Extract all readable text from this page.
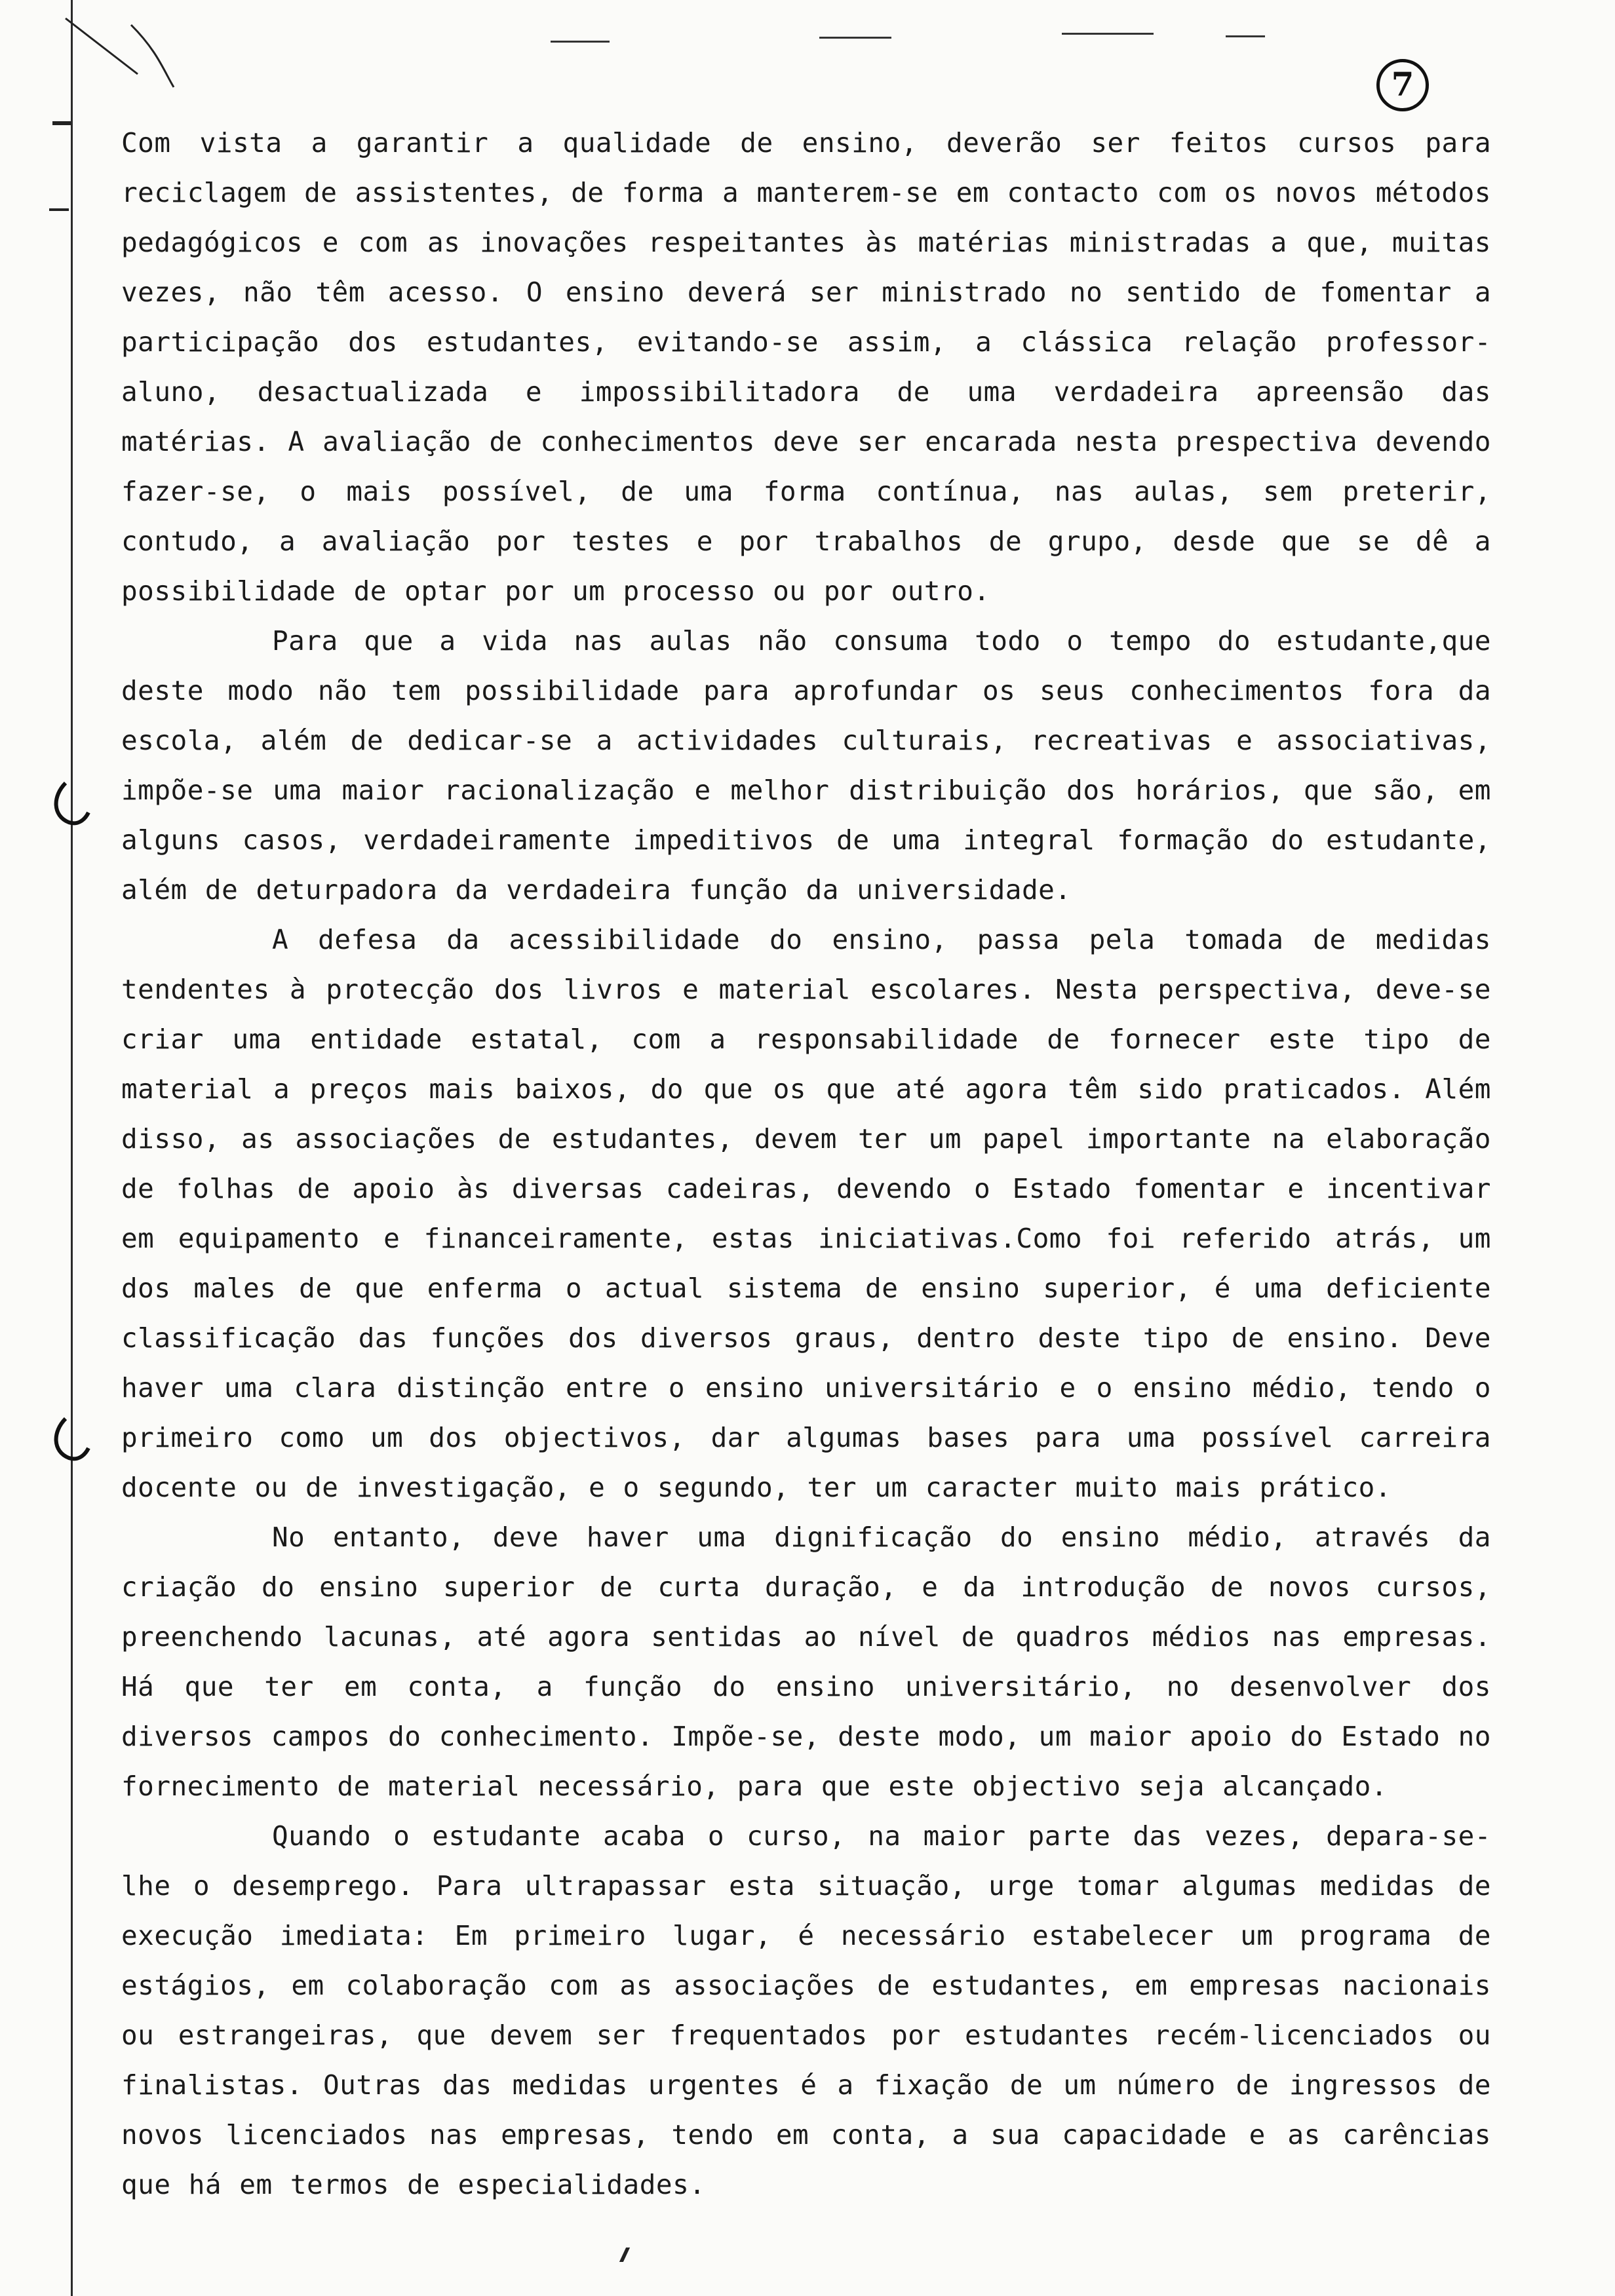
7

Com vista a garantir a qualidade de ensino, deverão ser feitos cursos para reciclagem de assistentes, de forma a manterem-se em contacto com os novos métodos pedagógicos e com as inovações respeitantes às matérias ministradas a que, muitas vezes, não têm acesso. O ensino deverá ser ministrado no sentido de fomentar a participação dos estudantes, evitando-se assim, a clássica relação professor-aluno, desactualizada e impossibilitadora de uma verdadeira apreensão das matérias. A avaliação de conhecimentos deve ser encarada nesta prespectiva devendo fazer-se, o mais possível, de uma forma contínua, nas aulas, sem preterir, contudo, a avaliação por testes e por trabalhos de grupo, desde que se dê a possibilidade de optar por um processo ou por outro.

Para que a vida nas aulas não consuma todo o tempo do estudante,que deste modo não tem possibilidade para aprofundar os seus conhecimentos fora da escola, além de dedicar-se a actividades culturais, recreativas e associativas, impõe-se uma maior racionalização e melhor distribuição dos horários, que são, em alguns casos, verdadeiramente impeditivos de uma integral formação do estudante, além de deturpadora da verdadeira função da universidade.

A defesa da acessibilidade do ensino, passa pela tomada de medidas tendentes à protecção dos livros e material escolares. Nesta perspectiva, deve-se criar uma entidade estatal, com a responsabilidade de fornecer este tipo de material a preços mais baixos, do que os que até agora têm sido praticados. Além disso, as associações de estudantes, devem ter um papel importante na elaboração de folhas de apoio às diversas cadeiras, devendo o Estado fomentar e incentivar em equipamento e financeiramente, estas iniciativas.Como foi referido atrás, um dos males de que enferma o actual sistema de ensino superior, é uma deficiente classificação das funções dos diversos graus, dentro deste tipo de ensino. Deve haver uma clara distinção entre o ensino universitário e o ensino médio, tendo o primeiro como um dos objectivos, dar algumas bases para uma possível carreira docente ou de investigação, e o segundo, ter um caracter muito mais prático.

No entanto, deve haver uma dignificação do ensino médio, através da criação do ensino superior de curta duração, e da introdução de novos cursos, preenchendo lacunas, até agora sentidas ao nível de quadros médios nas empresas. Há que ter em conta, a função do ensino universitário, no desenvolver dos diversos campos do conhecimento. Impõe-se, deste modo, um maior apoio do Estado no fornecimento de material necessário, para que este objectivo seja alcançado.

Quando o estudante acaba o curso, na maior parte das vezes, depara-se-lhe o desemprego. Para ultrapassar esta situação, urge tomar algumas medidas de execução imediata: Em primeiro lugar, é necessário estabelecer um programa de estágios, em colaboração com as associações de estudantes, em empresas nacionais ou estrangeiras, que devem ser frequentados por estudantes recém-licenciados ou finalistas. Outras das medidas urgentes é a fixação de um número de ingressos de novos licenciados nas empresas, tendo em conta, a sua capacidade e as carências que há em termos de especialidades.
